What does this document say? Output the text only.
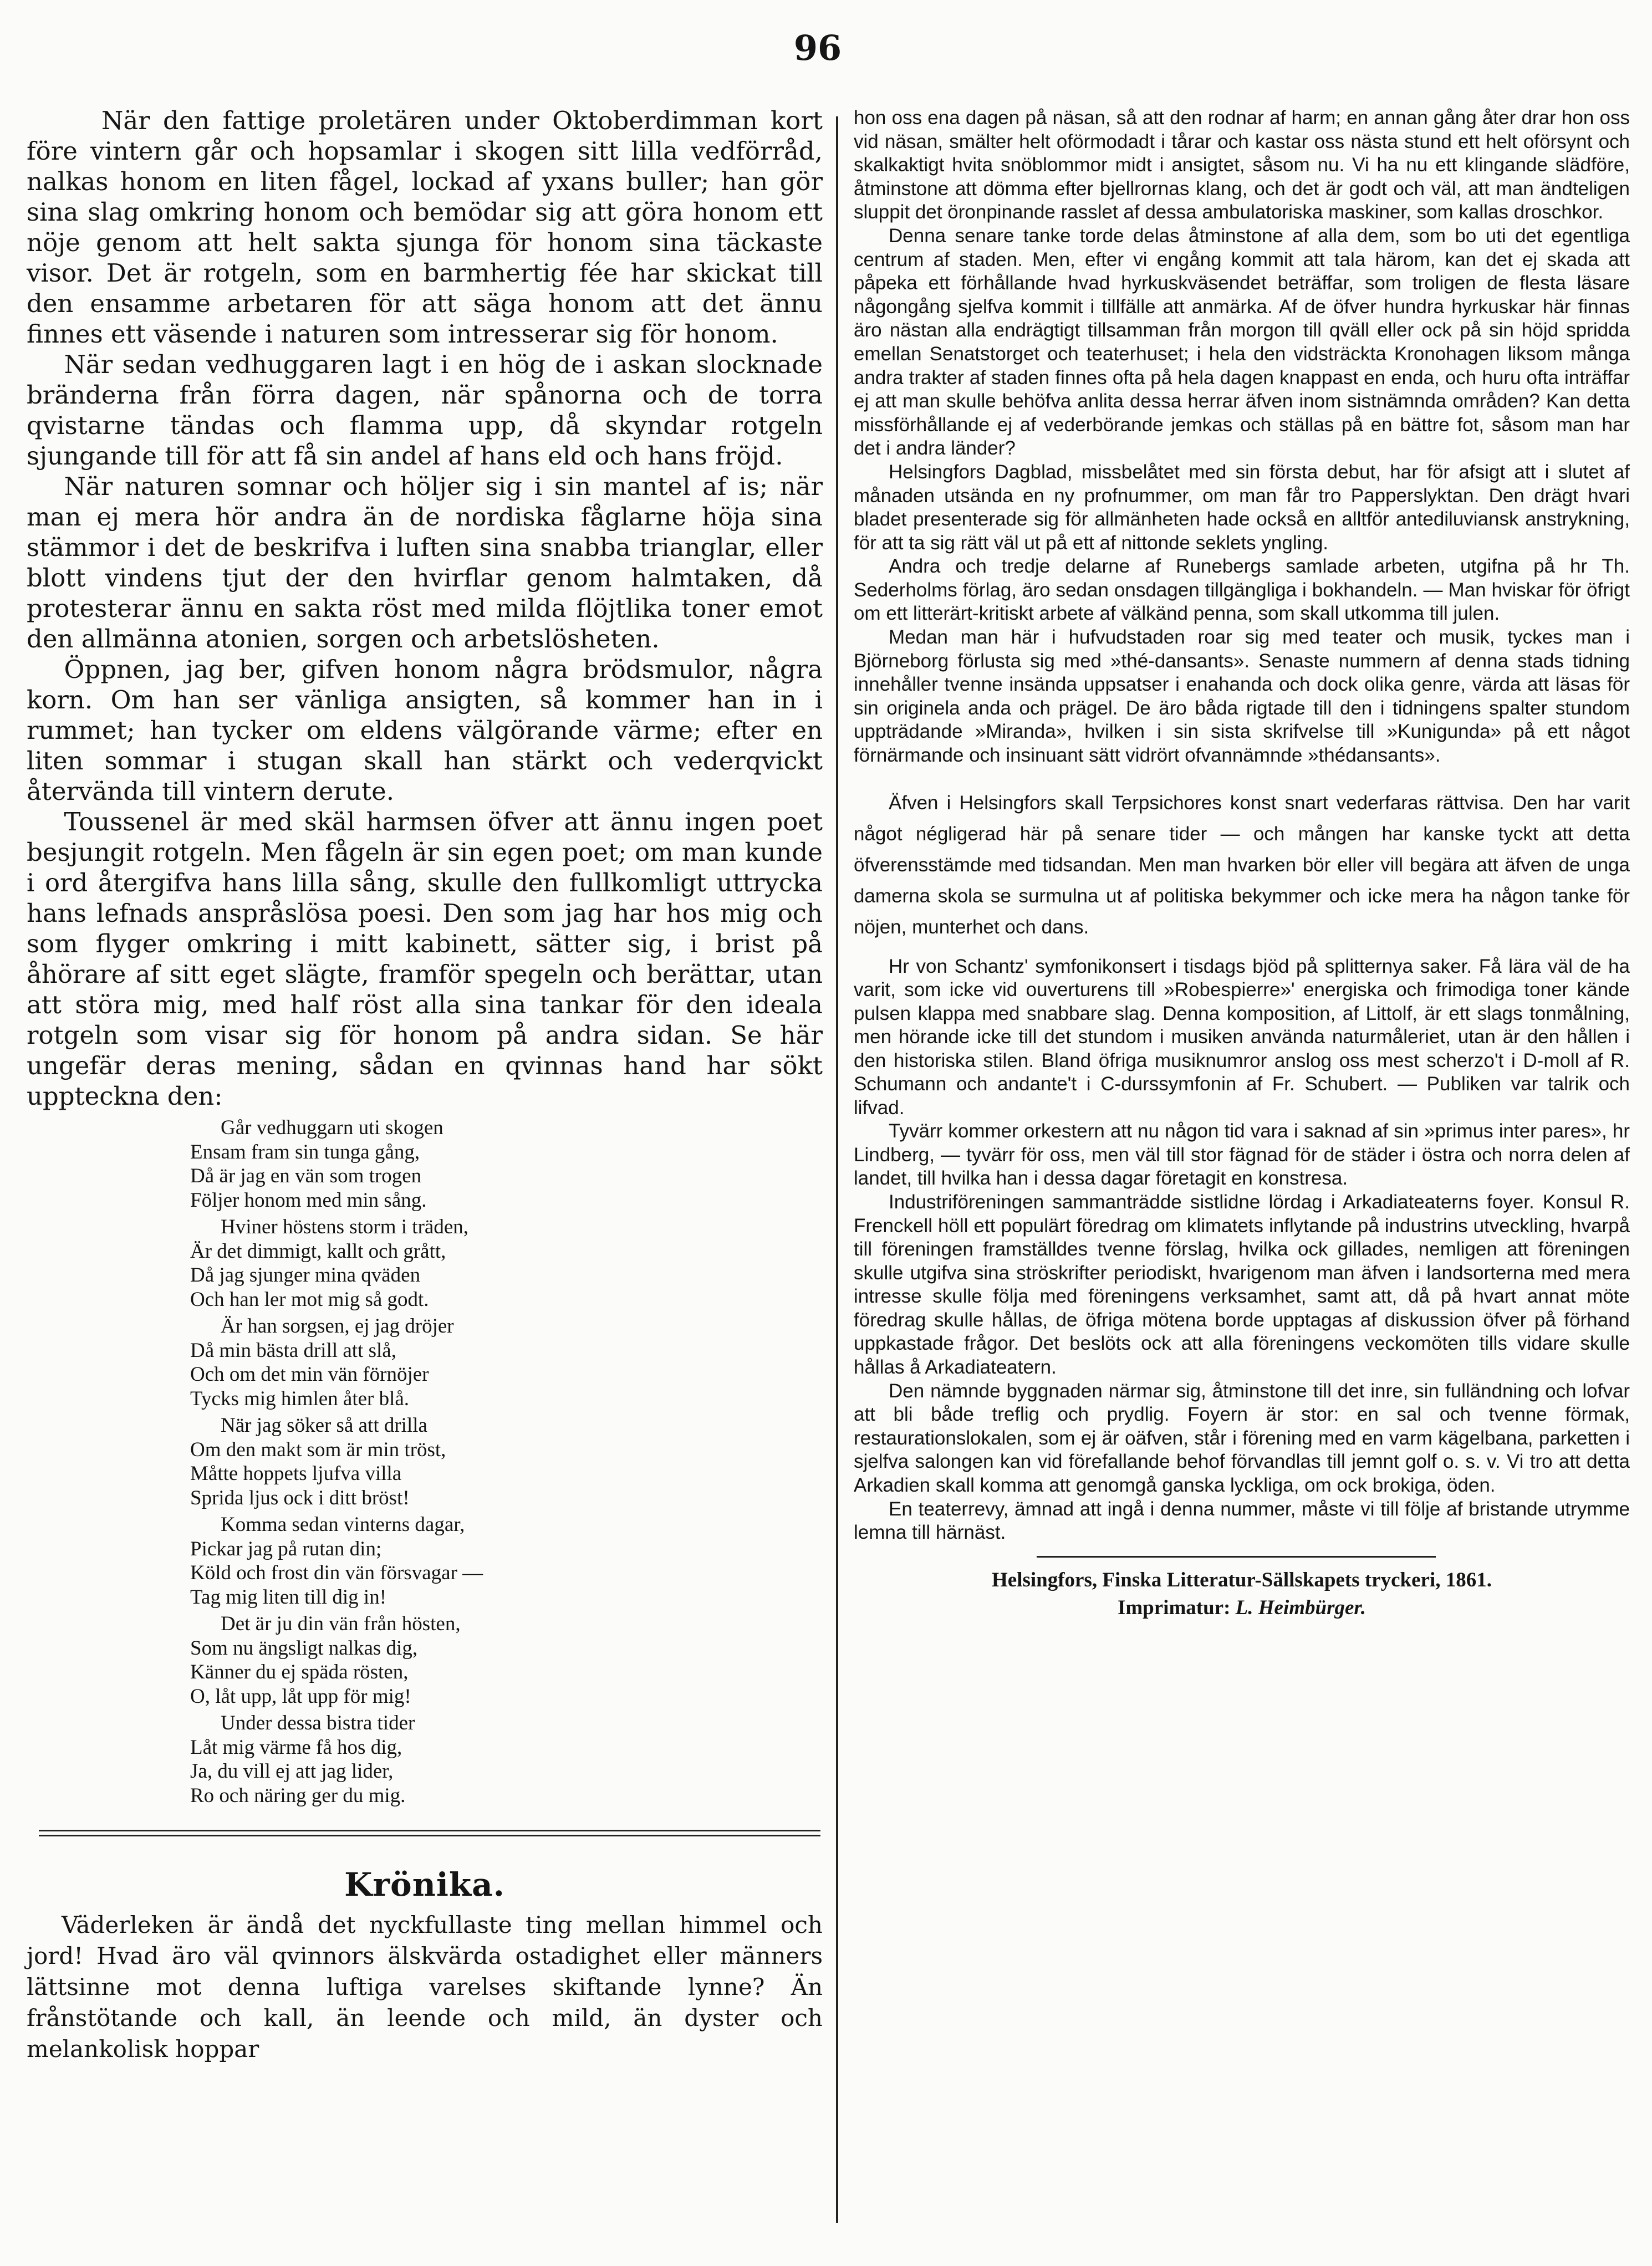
96

När den fattige proletären under Oktoberdimman kort före vintern går och hopsamlar i skogen sitt lilla vedförråd, nalkas honom en liten fågel, lockad af yxans buller; han gör sina slag omkring honom och bemödar sig att göra honom ett nöje genom att helt sakta sjunga för honom sina täckaste visor. Det är rotgeln, som en barmhertig fée har skickat till den ensamme arbetaren för att säga honom att det ännu finnes ett väsende i naturen som intresserar sig för honom.

När sedan vedhuggaren lagt i en hög de i askan slocknade bränderna från förra dagen, när spånorna och de torra qvistarne tändas och flamma upp, då skyndar rotgeln sjungande till för att få sin andel af hans eld och hans fröjd.

När naturen somnar och höljer sig i sin mantel af is; när man ej mera hör andra än de nordiska fåglarne höja sina stämmor i det de beskrifva i luften sina snabba trianglar, eller blott vindens tjut der den hvirflar genom halmtaken, då protesterar ännu en sakta röst med milda flöjtlika toner emot den allmänna atonien, sorgen och arbetslösheten.

Öppnen, jag ber, gifven honom några brödsmulor, några korn. Om han ser vänliga ansigten, så kommer han in i rummet; han tycker om eldens välgörande värme; efter en liten sommar i stugan skall han stärkt och vederqvickt återvända till vintern derute.

Toussenel är med skäl harmsen öfver att ännu ingen poet besjungit rotgeln. Men fågeln är sin egen poet; om man kunde i ord återgifva hans lilla sång, skulle den fullkomligt uttrycka hans lefnads anspråslösa poesi. Den som jag har hos mig och som flyger omkring i mitt kabinett, sätter sig, i brist på åhörare af sitt eget slägte, framför spegeln och berättar, utan att störa mig, med half röst alla sina tankar för den ideala rotgeln som visar sig för honom på andra sidan. Se här ungefär deras mening, sådan en qvinnas hand har sökt uppteckna den:

Går vedhuggarn uti skogen
Ensam fram sin tunga gång,
Då är jag en vän som trogen
Följer honom med min sång.
Hviner höstens storm i träden,
Är det dimmigt, kallt och grått,
Då jag sjunger mina qväden
Och han ler mot mig så godt.
Är han sorgsen, ej jag dröjer
Då min bästa drill att slå,
Och om det min vän förnöjer
Tycks mig himlen åter blå.
När jag söker så att drilla
Om den makt som är min tröst,
Måtte hoppets ljufva villa
Sprida ljus ock i ditt bröst!
Komma sedan vinterns dagar,
Pickar jag på rutan din;
Köld och frost din vän försvagar —
Tag mig liten till dig in!
Det är ju din vän från hösten,
Som nu ängsligt nalkas dig,
Känner du ej späda rösten,
O, låt upp, låt upp för mig!
Under dessa bistra tider
Låt mig värme få hos dig,
Ja, du vill ej att jag lider,
Ro och näring ger du mig.
Krönika.

Väderleken är ändå det nyckfullaste ting mellan himmel och jord! Hvad äro väl qvinnors älskvärda ostadighet eller männers lättsinne mot denna luftiga varelses skiftande lynne? Än frånstötande och kall, än leende och mild, än dyster och melankolisk hoppar

hon oss ena dagen på näsan, så att den rodnar af harm; en annan gång åter drar hon oss vid näsan, smälter helt oförmodadt i tårar och kastar oss nästa stund ett helt oförsynt och skalkaktigt hvita snöblommor midt i ansigtet, såsom nu. Vi ha nu ett klingande slädföre, åtminstone att dömma efter bjellrornas klang, och det är godt och väl, att man ändteligen sluppit det öronpinande rasslet af dessa ambulatoriska maskiner, som kallas droschkor.

Denna senare tanke torde delas åtminstone af alla dem, som bo uti det egentliga centrum af staden. Men, efter vi engång kommit att tala härom, kan det ej skada att påpeka ett förhållande hvad hyrkuskväsendet beträffar, som troligen de flesta läsare någongång sjelfva kommit i tillfälle att anmärka. Af de öfver hundra hyrkuskar här finnas äro nästan alla endrägtigt tillsamman från morgon till qväll eller ock på sin höjd spridda emellan Senatstorget och teaterhuset; i hela den vidsträckta Kronohagen liksom många andra trakter af staden finnes ofta på hela dagen knappast en enda, och huru ofta inträffar ej att man skulle behöfva anlita dessa herrar äfven inom sistnämnda områden? Kan detta missförhållande ej af vederbörande jemkas och ställas på en bättre fot, såsom man har det i andra länder?

Helsingfors Dagblad, missbelåtet med sin första debut, har för afsigt att i slutet af månaden utsända en ny profnummer, om man får tro Papperslyktan. Den drägt hvari bladet presenterade sig för allmänheten hade också en alltför antediluviansk anstrykning, för att ta sig rätt väl ut på ett af nittonde seklets yngling.

Andra och tredje delarne af Runebergs samlade arbeten, utgifna på hr Th. Sederholms förlag, äro sedan onsdagen tillgängliga i bokhandeln. — Man hviskar för öfrigt om ett litterärt-kritiskt arbete af välkänd penna, som skall utkomma till julen.

Medan man här i hufvudstaden roar sig med teater och musik, tyckes man i Björneborg förlusta sig med »thé-dansants». Senaste nummern af denna stads tidning innehåller tvenne insända uppsatser i enahanda och dock olika genre, värda att läsas för sin originela anda och prägel. De äro båda rigtade till den i tidningens spalter stundom uppträdande »Miranda», hvilken i sin sista skrifvelse till »Kunigunda» på ett något förnärmande och insinuant sätt vidrört ofvannämnde »thédansants».

Äfven i Helsingfors skall Terpsichores konst snart vederfaras rättvisa. Den har varit något négligerad här på senare tider — och mången har kanske tyckt att detta öfverensstämde med tidsandan. Men man hvarken bör eller vill begära att äfven de unga damerna skola se surmulna ut af politiska bekymmer och icke mera ha någon tanke för nöjen, munterhet och dans.

Hr von Schantz' symfonikonsert i tisdags bjöd på splitternya saker. Få lära väl de ha varit, som icke vid ouverturens till »Robespierre»' energiska och frimodiga toner kände pulsen klappa med snabbare slag. Denna komposition, af Littolf, är ett slags tonmålning, men hörande icke till det stundom i musiken använda naturmåleriet, utan är den hållen i den historiska stilen. Bland öfriga musiknumror anslog oss mest scherzo't i D-moll af R. Schumann och andante't i C-durssymfonin af Fr. Schubert. — Publiken var talrik och lifvad.

Tyvärr kommer orkestern att nu någon tid vara i saknad af sin »primus inter pares», hr Lindberg, — tyvärr för oss, men väl till stor fägnad för de städer i östra och norra delen af landet, till hvilka han i dessa dagar företagit en konstresa.

Industriföreningen sammanträdde sistlidne lördag i Arkadiateaterns foyer. Konsul R. Frenckell höll ett populärt föredrag om klimatets inflytande på industrins utveckling, hvarpå till föreningen framställdes tvenne förslag, hvilka ock gillades, nemligen att föreningen skulle utgifva sina ströskrifter periodiskt, hvarigenom man äfven i landsorterna med mera intresse skulle följa med föreningens verksamhet, samt att, då på hvart annat möte föredrag skulle hållas, de öfriga mötena borde upptagas af diskussion öfver på förhand uppkastade frågor. Det beslöts ock att alla föreningens veckomöten tills vidare skulle hållas å Arkadiateatern.

Den nämnde byggnaden närmar sig, åtminstone till det inre, sin fulländning och lofvar att bli både treflig och prydlig. Foyern är stor: en sal och tvenne förmak, restaurationslokalen, som ej är oäfven, står i förening med en varm kägelbana, parketten i sjelfva salongen kan vid förefallande behof förvandlas till jemnt golf o. s. v. Vi tro att detta Arkadien skall komma att genomgå ganska lyckliga, om ock brokiga, öden.

En teaterrevy, ämnad att ingå i denna nummer, måste vi till följe af bristande utrymme lemna till härnäst.

Helsingfors, Finska Litteratur-Sällskapets tryckeri, 1861.
Imprimatur: L. Heimbürger.
